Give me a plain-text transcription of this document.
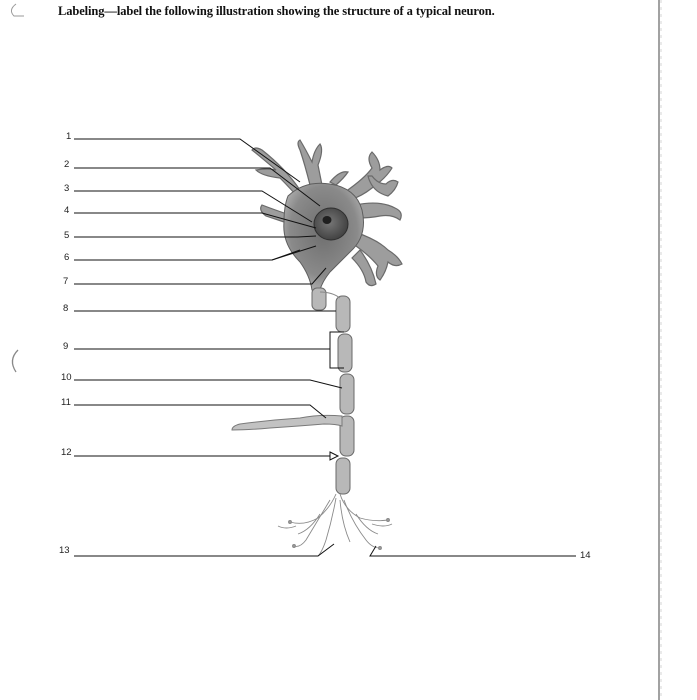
Labeling—label the following illustration showing the structure of a typical neuron.
1
2
3
4
5
6
7
8
9
10
11
12
13	14
